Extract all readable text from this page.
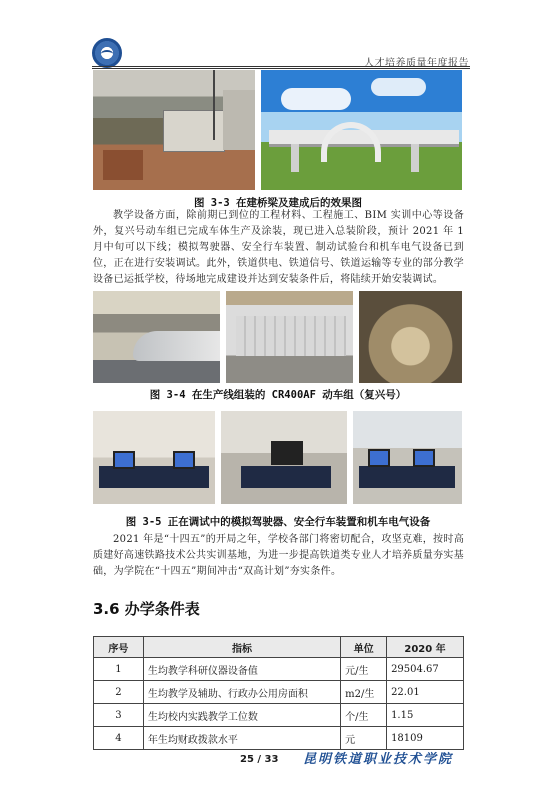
人才培养质量年度报告
图 3-3 在建桥梁及建成后的效果图
教学设备方面，除前期已到位的工程材料、工程施工、BIM 实训中心等设备外，复兴号动车组已完成车体生产及涂装，现已进入总装阶段，预计 2021 年 1 月中旬可以下线；模拟驾驶器、安全行车装置、制动试验台和机车电气设备已到位，正在进行安装调试。此外，铁道供电、铁道信号、铁道运输等专业的部分教学设备已运抵学校，待场地完成建设并达到安装条件后，将陆续开始安装调试。
图 3-4 在生产线组装的 CR400AF 动车组（复兴号）
图 3-5 正在调试中的模拟驾驶器、安全行车装置和机车电气设备
2021 年是“十四五”的开局之年，学校各部门将密切配合，攻坚克难，按时高质建好高速铁路技术公共实训基地，为进一步提高铁道类专业人才培养质量夯实基础，为学院在“十四五”期间冲击“双高计划”夯实条件。
3.6 办学条件表
序号	指标	单位	2020 年
1	生均教学科研仪器设备值	元/生	29504.67
2	生均教学及辅助、行政办公用房面积	m2/生	22.01
3	生均校内实践教学工位数	个/生	1.15
4	年生均财政拨款水平	元	18109
25 / 33 昆明铁道职业技术学院
